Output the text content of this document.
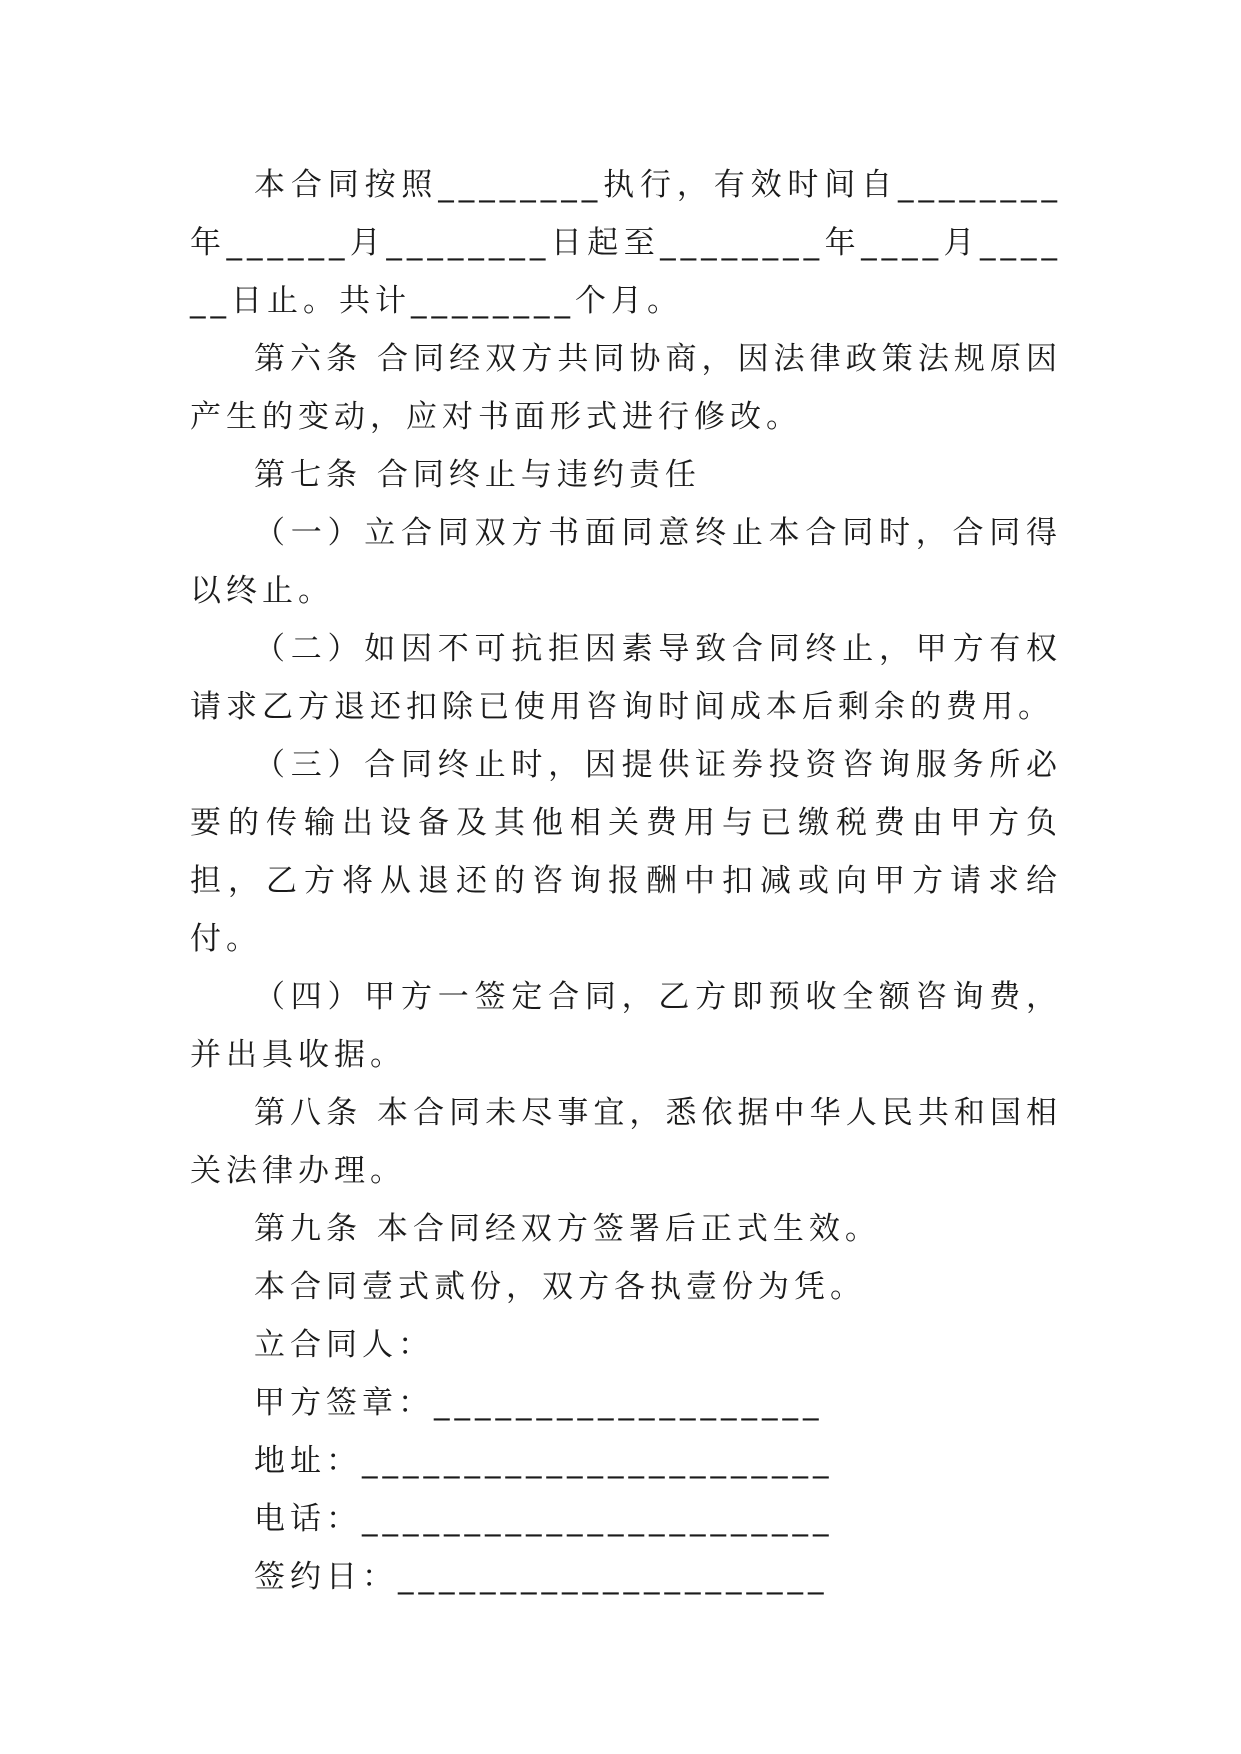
本合同按照________执行，有效时间自________ 年______月________日起至________年____月______日止。共计________个月。

第六条 合同经双方共同协商，因法律政策法规原因产生的变动，应对书面形式进行修改。

第七条 合同终止与违约责任

（一）立合同双方书面同意终止本合同时，合同得以终止。

（二）如因不可抗拒因素导致合同终止，甲方有权请求乙方退还扣除已使用咨询时间成本后剩余的费用。

（三）合同终止时，因提供证券投资咨询服务所必要的传输出设备及其他相关费用与已缴税费由甲方负担，乙方将从退还的咨询报酬中扣减或向甲方请求给付。

（四）甲方一签定合同，乙方即预收全额咨询费，并出具收据。

第八条 本合同未尽事宜，悉依据中华人民共和国相关法律办理。

第九条 本合同经双方签署后正式生效。

本合同壹式贰份，双方各执壹份为凭。

立合同人：

甲方签章：___________________

地址：_______________________

电话：_______________________

签约日：_____________________
